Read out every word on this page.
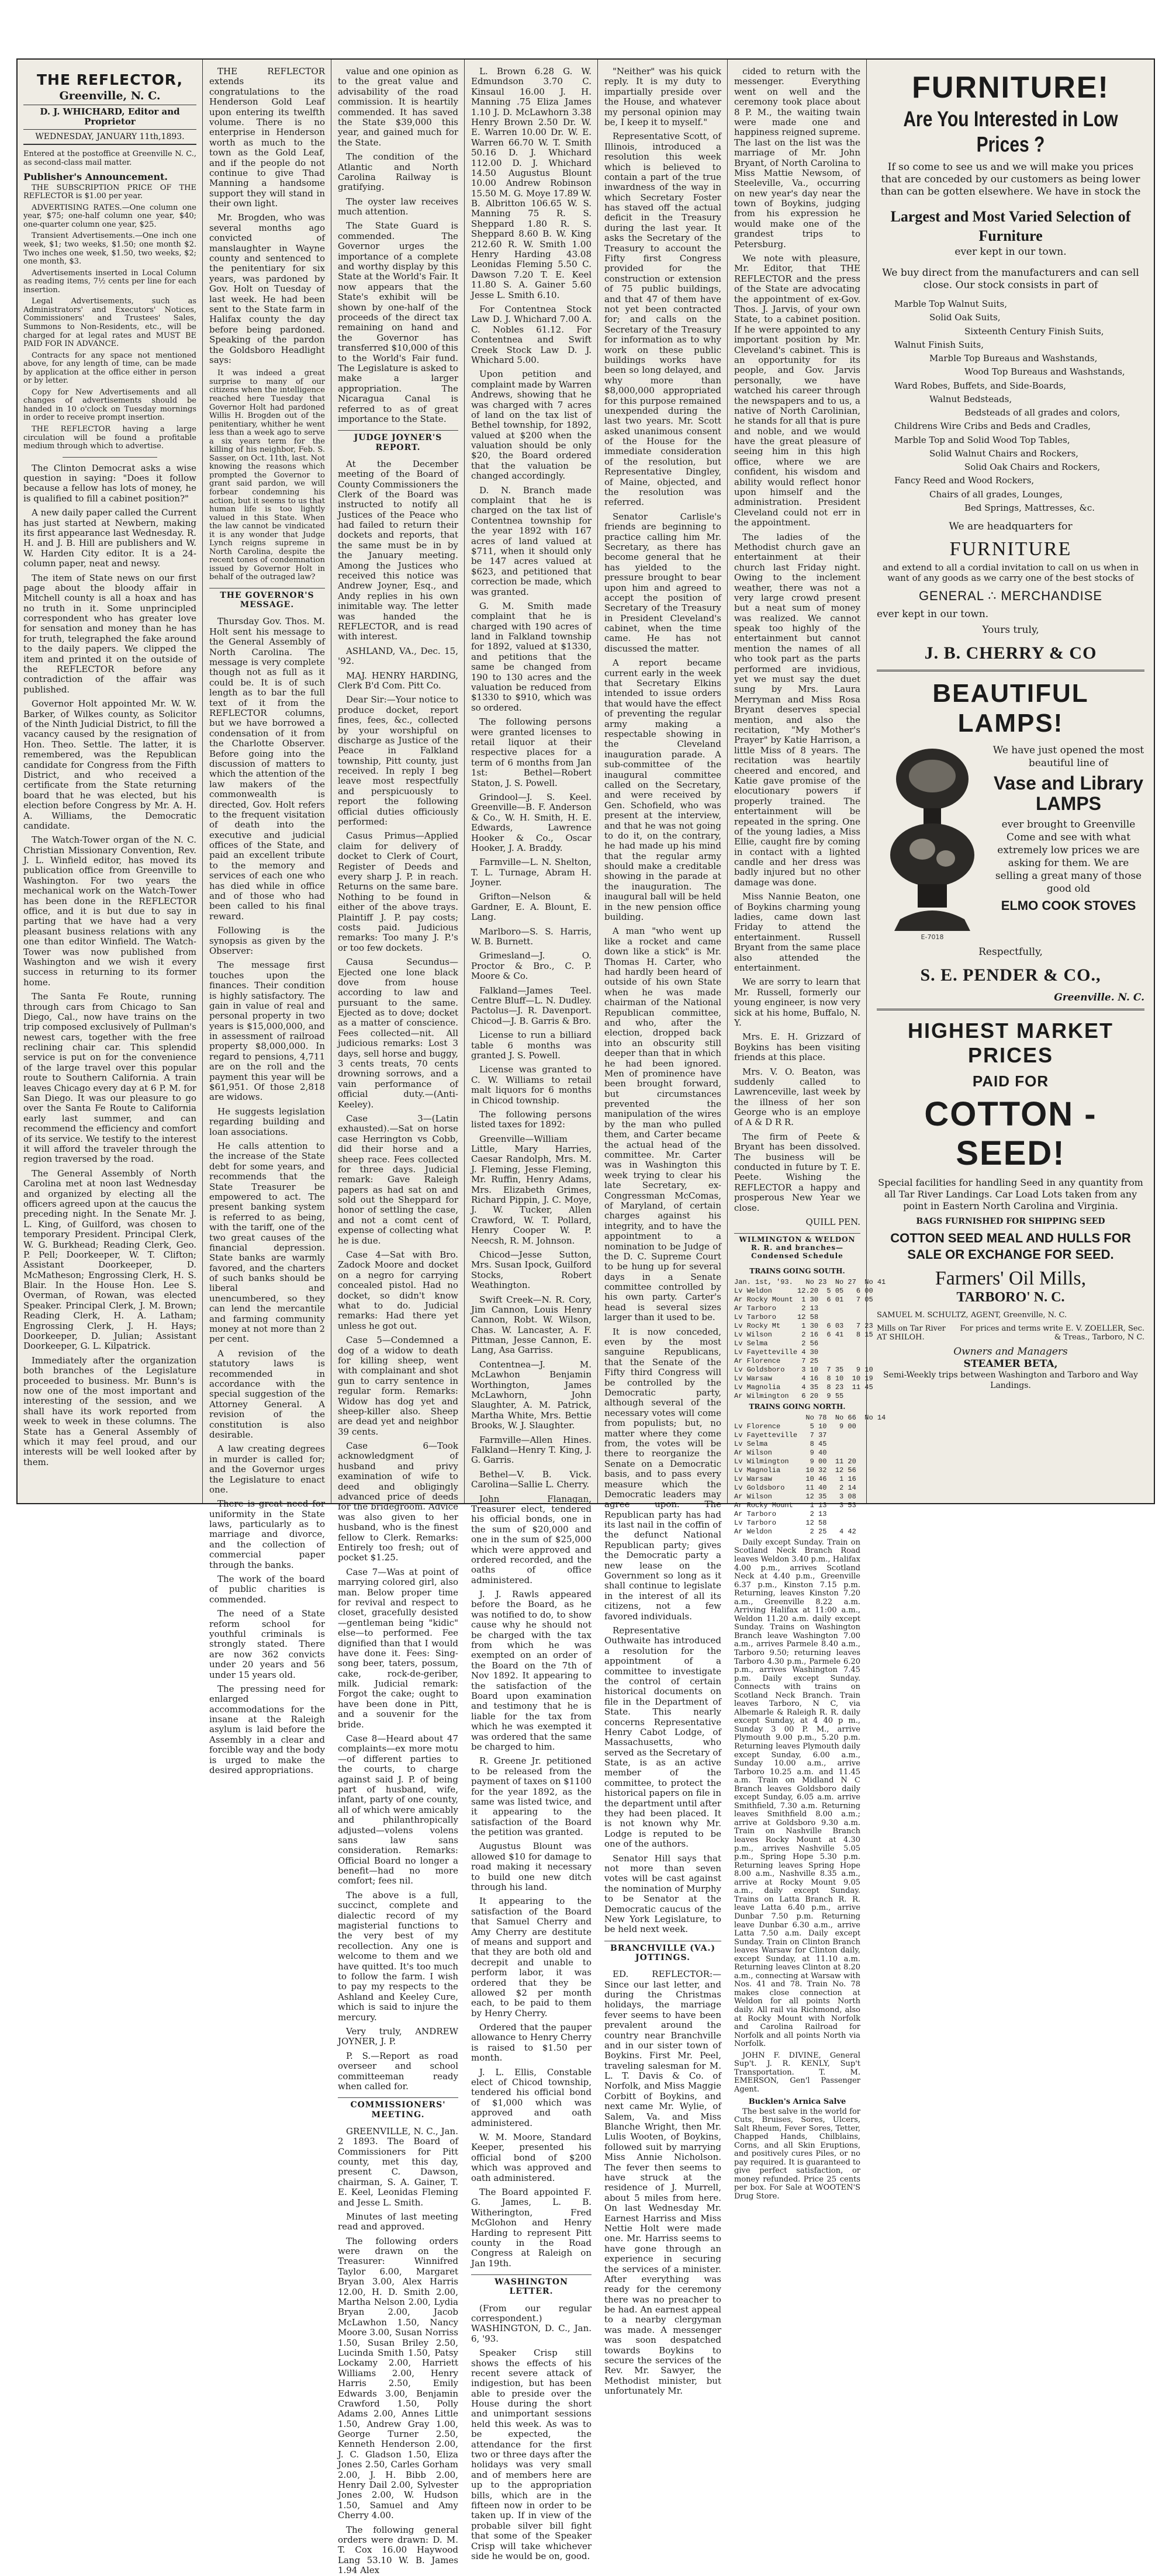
THE REFLECTOR,
Greenville, N. C.
D. J. WHICHARD, Editor and Proprietor
WEDNESDAY, JANUARY 11th,1893.
Entered at the postoffice at Greenville N. C., as second-class mail matter.
Publisher's Announcement.

THE SUBSCRIPTION PRICE OF THE REFLECTOR is $1.00 per year.

ADVERTISING RATES.—One column one year, $75; one-half column one year, $40; one-quarter column one year, $25.

Transient Advertisements.—One inch one week, $1; two weeks, $1.50; one month $2. Two inches one week, $1.50, two weeks, $2; one month, $3.

Advertisements inserted in Local Column as reading items, 7½ cents per line for each insertion.

Legal Advertisements, such as Administrators' and Executors' Notices, Commissioners' and Trustees' Sales, Summons to Non-Residents, etc., will be charged for at legal rates and MUST BE PAID FOR IN ADVANCE.

Contracts for any space not mentioned above, for any length of time, can be made by application at the office either in person or by letter.

Copy for New Advertisements and all changes of advertisements should be handed in 10 o'clock on Tuesday mornings in order to receive prompt insertion.

THE REFLECTOR having a large circulation will be found a profitable medium through which to advertise.

The Clinton Democrat asks a wise question in saying: "Does it follow because a fellow has lots of money, he is qualified to fill a cabinet position?"

A new daily paper called the Current has just started at Newbern, making its first appearance last Wednesday. R. H. and J. B. Hill are publishers and W. W. Harden City editor. It is a 24-column paper, neat and newsy.

The item of State news on our first page about the bloody affair in Mitchell county is all a hoax and has no truth in it. Some unprincipled correspondent who has greater love for sensation and money than he has for truth, telegraphed the fake around to the daily papers. We clipped the item and printed it on the outside of the REFLECTOR before any contradiction of the affair was published.

Governor Holt appointed Mr. W. W. Barker, of Wilkes county, as Solicitor of the Ninth Judicial District, to fill the vacancy caused by the resignation of Hon. Theo. Settle. The latter, it is remembered, was the Republican candidate for Congress from the Fifth District, and who received a certificate from the State returning board that he was elected, but his election before Congress by Mr. A. H. A. Williams, the Democratic candidate.

The Watch-Tower organ of the N. C. Christian Missionary Convention, Rev. J. L. Winfield editor, has moved its publication office from Greenville to Washington. For two years the mechanical work on the Watch-Tower has been done in the REFLECTOR office, and it is but due to say in parting that we have had a very pleasant business relations with any one than editor Winfield. The Watch-Tower was now published from Washington and we wish it every success in returning to its former home.

The Santa Fe Route, running through cars from Chicago to San Diego, Cal., now have trains on the trip composed exclusively of Pullman's newest cars, together with the free reclining chair car. This splendid service is put on for the convenience of the large travel over this popular route to Southern California. A train leaves Chicago every day at 6 P. M. for San Diego. It was our pleasure to go over the Santa Fe Route to California early last summer, and can recommend the efficiency and comfort of its service. We testify to the interest it will afford the traveler through the region traversed by the road.

The General Assembly of North Carolina met at noon last Wednesday and organized by electing all the officers agreed upon at the caucus the preceding night. In the Senate Mr. J. L. King, of Guilford, was chosen to temporary President. Principal Clerk, W. G. Burkhead; Reading Clerk, Geo. P. Pell; Doorkeeper, W. T. Clifton; Assistant Doorkeeper, D. McMatheson; Engrossing Clerk, H. S. Blair. In the House Hon. Lee S. Overman, of Rowan, was elected Speaker. Principal Clerk, J. M. Brown; Reading Clerk, H. A. Latham; Engrossing Clerk, J. H. Hays; Doorkeeper, D. Julian; Assistant Doorkeeper, G. L. Kilpatrick.

Immediately after the organization both branches of the Legislature proceeded to business. Mr. Bunn's is now one of the most important and interesting of the session, and we shall have its work reported from week to week in these columns. The State has a General Assembly of which it may feel proud, and our interests will be well looked after by them.

THE REFLECTOR extends its congratulations to the Henderson Gold Leaf upon entering its twelfth volume. There is no enterprise in Henderson worth as much to the town as the Gold Leaf, and if the people do not continue to give Thad Manning a handsome support they will stand in their own light.

Mr. Brogden, who was several months ago convicted of manslaughter in Wayne county and sentenced to the penitentiary for six years, was pardoned by Gov. Holt on Tuesday of last week. He had been sent to the State farm in Halifax county the day before being pardoned. Speaking of the pardon the Goldsboro Headlight says:

It was indeed a great surprise to many of our citizens when the intelligence reached here Tuesday that Governor Holt had pardoned Willis H. Brogden out of the penitentiary, whither he went less than a week ago to serve a six years term for the killing of his neighbor, Feb. S. Sasser, on Oct. 11th, last. Not knowing the reasons which prompted the Governor to grant said pardon, we will forbear condemning his action, but it seems to us that human life is too lightly valued in this State. When the law cannot be vindicated it is any wonder that Judge Lynch reigns supreme in North Carolina, despite the recent tones of condemnation issued by Governor Holt in behalf of the outraged law?

THE GOVERNOR'S MESSAGE.

Thursday Gov. Thos. M. Holt sent his message to the General Assembly of North Carolina. The message is very complete though not as full as it could be. It is of such length as to bar the full text of it from the REFLECTOR columns, but we have borrowed a condensation of it from the Charlotte Observer. Before going into the discussion of matters to which the attention of the law makers of the commonwealth is directed, Gov. Holt refers to the frequent visitation of death into the executive and judicial offices of the State, and paid an excellent tribute to the memory and services of each one who has died while in office and of those who had been called to his final reward.

Following is the synopsis as given by the Observer:

The message first touches upon the finances. Their condition is highly satisfactory. The gain in value of real and personal property in two years is $15,000,000, and in assessment of railroad property $8,000,000. In regard to pensions, 4,711 are on the roll and the payment this year will be $61,951. Of those 2,818 are widows.

He suggests legislation regarding building and loan associations.

He calls attention to the increase of the State debt for some years, and recommends that the State Treasurer be empowered to act. The present banking system is referred to as being, with the tariff, one of the two great causes of the financial depression. State banks are warmly favored, and the charters of such banks should be liberal and unencumbered, so they can lend the mercantile and farming community money at not more than 2 per cent.

A revision of the statutory laws is recommended in accordance with the special suggestion of the Attorney General. A revision of the constitution is also desirable.

A law creating degrees in murder is called for; and the Governor urges the Legislature to enact one.

There is great need for uniformity in the State laws, particularly as to marriage and divorce, and the collection of commercial paper through the banks.

The work of the board of public charities is commended.

The need of a State reform school for youthful criminals is strongly stated. There are now 362 convicts under 20 years and 56 under 15 years old.

The pressing need for enlarged accommodations for the insane at the Raleigh asylum is laid before the Assembly in a clear and forcible way and the body is urged to make the desired appropriations.

value and one opinion as to the great value and advisability of the road commission. It is heartily commended. It has saved the State $39,000 this year, and gained much for the State.

The condition of the Atlantic and North Carolina Railway is gratifying.

The oyster law receives much attention.

The State Guard is commended. The Governor urges the importance of a complete and worthy display by this State at the World's Fair. It now appears that the State's exhibit will be shown by one-half of the proceeds of the direct tax remaining on hand and the Governor has transferred $10,000 of this to the World's Fair fund. The Legislature is asked to make a larger appropriation. The Nicaragua Canal is referred to as of great importance to the State.

JUDGE JOYNER'S REPORT.

At the December meeting of the Board of County Commissioners the Clerk of the Board was instructed to notify all Justices of the Peace who had failed to return their dockets and reports, that the same must be in by the January meeting. Among the Justices who received this notice was Andrew Joyner, Esq., and Andy replies in his own inimitable way. The letter was handed the REFLECTOR, and is read with interest.

ASHLAND, VA., Dec. 15, '92.

MAJ. HENRY HARDING, Clerk B'd Com. Pitt Co.

Dear Sir:—Your notice to produce docket, report fines, fees, &c., collected by your worshipful on discharge as Justice of the Peace in Falkland township, Pitt county, just received. In reply I beg leave most respectfully and perspicuously to report the following official duties officiously performed:

Casus Primus—Applied claim for delivery of docket to Clerk of Court, Register of Deeds and every sharp J. P. in reach. Returns on the same bare. Nothing to be found in either of the above trays. Plaintiff J. P. pay costs; costs paid. Judicious remarks: Too many J. P.'s or too few dockets.

Causa Secundus—Ejected one lone black dove from house according to law and pursuant to the same. Ejected as to dove; docket as a matter of conscience. Fees collected—nit. All judicious remarks: Lost 3 days, sell horse and buggy, 3 cents treats, 70 cents drowning sorrows, and a vain performance of official duty.—(Anti-Keeley).

Case 3—(Latin exhausted).—Sat on horse case Herrington vs Cobb, did their horse and a sheep race. Fees collected for three days. Judicial remark: Gave Raleigh papers as had sat on and sold out the Sheppard for honor of settling the case, and not a comt cent of expense of collecting what he is due.

Case 4—Sat with Bro. Zadock Moore and docket on a negro for carrying concealed pistol. Had no docket, so didn't know what to do. Judicial remarks: Had there yet unless he got out.

Case 5—Condemned a dog of a widow to death for killing sheep, went with complainant and shot gun to carry sentence in regular form. Remarks: Widow has dog yet and sheep-killer also. Sheep are dead yet and neighbor 39 cents.

Case 6—Took acknowledgment of husband and privy examination of wife to deed and obligingly advanced price of deeds for the bridegroom. Advice was also given to her husband, who is the finest fellow to Clerk. Remarks: Entirely too fresh; out of pocket $1.25.

Case 7—Was at point of marrying colored girl, also man. Below proper time for revival and respect to closet, gracefully desisted—gentleman being "kidic" else—to performed. Fee dignified than that I would have done it. Fees: Sing-song beer, taters, possum, cake, rock-de-geriber, milk. Judicial remark: Forgot the cake; ought to have been done in Pitt, and a souvenir for the bride.

Case 8—Heard about 47 complaints—ex more motu—of different parties to the courts, to charge against said J. P. of being part of husband, wife, infant, party of one county, all of which were amicably and philanthropically adjusted—volens volens sans law sans consideration. Remarks: Official Board no longer a benefit—had no more comfort; fees nil.

The above is a full, succinct, complete and dialectic record of my magisterial functions to the very best of my recollection. Any one is welcome to them and we have quitted. It's too much to follow the farm. I wish to pay my respects to the Ashland and Keeley Cure, which is said to injure the mercury.

Very truly, ANDREW JOYNER, J. P.

P. S.—Report as road overseer and school committeeman ready when called for.

COMMISSIONERS' MEETING.

GREENVILLE, N. C., Jan. 2 1893. The Board of Commissioners for Pitt county, met this day, present C. Dawson, chairman, S. A. Gainer, T. E. Keel, Leonidas Fleming and Jesse L. Smith.

Minutes of last meeting read and approved.

The following orders were drawn on the Treasurer: Winnifred Taylor 6.00, Margaret Bryan 3.00, Alex Harris 12.00, H. D. Smith 2.00, Martha Nelson 2.00, Lydia Bryan 2.00, Jacob McLawhon 1.50, Nancy Moore 3.00, Susan Norriss 1.50, Susan Briley 2.50, Lucinda Smith 1.50, Patsy Lockamy 2.00, Harriett Williams 2.00, Henry Harris 2.50, Emily Edwards 3.00, Benjamin Crawford 1.50, Polly Adams 2.00, Annes Little 1.50, Andrew Gray 1.00, George Turner 2.50, Kenneth Henderson 2.00, J. C. Gladson 1.50, Eliza Jones 2.50, Carles Gorham 2.00, J. H. Bibb 2.00, Henry Dail 2.00, Sylvester Jones 2.00, W. Hudson 1.50, Samuel and Amy Cherry 4.00.

The following general orders were drawn: D. M. T. Cox 16.00 Haywood Lang 53.10 W. B. James 1.94 Alex

L. Brown 6.28 G. W. Edmundson 3.70 C. Kinsaul 16.00 J. H. Manning .75 Eliza James 1.10 J. D. McLawhorn 3.38 Henry Brown 2.50 Dr. W. E. Warren 10.00 Dr. W. E. Warren 66.70 W. T. Smith 50.16 D. J. Whichard 112.00 D. J. Whichard 14.50 Augustus Blount 10.00 Andrew Robinson 15.50 M. G. Moye 17.89 W. B. Albritton 106.65 W. S. Manning 75 R. S. Sheppard 1.80 R. S. Sheppard 8.60 B. W. King 212.60 R. W. Smith 1.00 Henry Harding 43.08 Leonidas Fleming 5.50 C. Dawson 7.20 T. E. Keel 11.80 S. A. Gainer 5.60 Jesse L. Smith 6.10.

For Contentnea Stock Law D. J. Whichard 7.00 A. C. Nobles 61.12. For Contentnea and Swift Creek Stock Law D. J. Whichard 5.00.

Upon petition and complaint made by Warren Andrews, showing that he was charged with 7 acres of land on the tax list of Bethel township, for 1892, valued at $200 when the valuation should be only $20, the Board ordered that the valuation be changed accordingly.

D. N. Branch made complaint that he is charged on the tax list of Contentnea township for the year 1892 with 167 acres of land valued at $711, when it should only be 147 acres valued at $623, and petitioned that correction be made, which was granted.

G. M. Smith made complaint that he is charged with 190 acres of land in Falkland township for 1892, valued at $1330, and petitions that the same be changed from 190 to 130 acres and the valuation be reduced from $1330 to $910, which was so ordered.

The following persons were granted licenses to retail liquor at their respective places for a term of 6 months from Jan 1st: Bethel—Robert Staton, J. S. Powell.

Grindool—J. S. Keel. Greenville—B. F. Anderson & Co., W. H. Smith, H. E. Edwards, Lawrence Hooker & Co., Oscar Hooker, J. A. Braddy.

Farmville—L. N. Shelton, T. L. Turnage, Abram H. Joyner.

Grifton—Nelson & Gardner, E. A. Blount, E. Lang.

Marlboro—S. S. Harris, W. B. Burnett.

Grimesland—J. O. Proctor & Bro., C. P. Moore & Co.

Falkland—James Teel. Centre Bluff—L. N. Dudley. Pactolus—J. R. Davenport. Chicod—J. B. Garris & Bro.

License to run a billiard table 6 months was granted J. S. Powell.

License was granted to C. W. Williams to retail malt liquors for 6 months in Chicod township.

The following persons listed taxes for 1892:

Greenville—William Little, Mary Harries, Caesar Randolph, Mrs. M. J. Fleming, Jesse Fleming, Mr. Ruffin, Henry Adams, Mrs. Elizabeth Grimes, Richard Pippin, J. C. Moye, J. W. Tucker, Allen Crawford, W. T. Pollard, Henry Cooper W. P. Neecsh, R. M. Johnson.

Chicod—Jesse Sutton, Mrs. Susan Ipock, Guilford Stocks, Robert Weathington.

Swift Creek—N. R. Cory, Jim Cannon, Louis Henry Cannon, Robt. W. Wilson, Chas. W. Lancaster, A. F. Pittman, Jesse Cannon, E. Lang, Asa Garriss.

Contentnea—J. M. McLawhon Benjamin Worthington, James McLawhorn, John Slaughter, A. M. Patrick, Martha White, Mrs. Bettie Brooks, W. J. Slaughter.

Farmville—Allen Hines. Falkland—Henry T. King, J. G. Garris.

Bethel—V. B. Vick. Carolina—Sallie L. Cherry.

John Flanagan, Treasurer elect, tendered his official bonds, one in the sum of $20,000 and one in the sum of $25,000 which were approved and ordered recorded, and the oaths of office administered.

J. J. Rawls appeared before the Board, as he was notified to do, to show cause why he should not be charged with the tax from which he was exempted on an order of the Board on the 7th of Nov 1892. It appearing to the satisfaction of the Board upon examination and testimony that he is liable for the tax from which he was exempted it was ordered that the same be charged to him.

R. Greene Jr. petitioned to be released from the payment of taxes on $1100 for the year 1892, as the same was listed twice, and it appearing to the satisfaction of the Board the petition was granted.

Augustus Blount was allowed $10 for damage to road making it necessary to build one new ditch through his land.

It appearing to the satisfaction of the Board that Samuel Cherry and Amy Cherry are destitute of means and support and that they are both old and decrepit and unable to perform labor, it was ordered that they be allowed $2 per month each, to be paid to them by Henry Cherry.

Ordered that the pauper allowance to Henry Cherry is raised to $1.50 per month.

J. L. Ellis, Constable elect of Chicod township, tendered his official bond of $1,000 which was approved and oath administered.

W. M. Moore, Standard Keeper, presented his official bond of $200 which was approved and oath administered.

The Board appointed F. G. James, L. B. Witherington, Fred McGlohon and Henry Harding to represent Pitt county in the Road Congress at Raleigh on Jan 19th.

WASHINGTON LETTER.

(From our regular correspondent.) WASHINGTON, D. C., Jan. 6, '93.

Speaker Crisp still shows the effects of his recent severe attack of indigestion, but has been able to preside over the House during the short and unimportant sessions held this week. As was to be expected, the attendance for the first two or three days after the holidays was very small and of members here are up to the appropriation bills, which are in the fifteen now in order to be taken up. If in view of the probable silver bill fight that some of the Speaker Crisp will take whichever side he would be on, good.

"Neither" was his quick reply. It is my duty to impartially preside over the House, and whatever my personal opinion may be, I keep it to myself."

Representative Scott, of Illinois, introduced a resolution this week which is believed to contain a part of the true inwardness of the way in which Secretary Foster has staved off the actual deficit in the Treasury during the last year. It asks the Secretary of the Treasury to account the Fifty first Congress provided for the construction or extension of 75 public buildings, and that 47 of them have not yet been contracted for; and calls on the Secretary of the Treasury for information as to why work on these public buildings works have been so long delayed, and why more than $8,000,000 appropriated for this purpose remained unexpended during the last two years. Mr. Scott asked unanimous consent of the House for the immediate consideration of the resolution, but Representative Dingley, of Maine, objected, and the resolution was referred.

Senator Carlisle's friends are beginning to practice calling him Mr. Secretary, as there has become general that he has yielded to the pressure brought to bear upon him and agreed to accept the position of Secretary of the Treasury in President Cleveland's cabinet, when the time came. He has not discussed the matter.

A report became current early in the week that Secretary Elkins intended to issue orders that would have the effect of preventing the regular army making a respectable showing in the Cleveland inauguration parade. A sub-committee of the inaugural committee called on the Secretary, and were received by Gen. Schofield, who was present at the interview, and that he was not going to do it, on the contrary, he had made up his mind that the regular army should make a creditable showing in the parade at the inauguration. The inaugural ball will be held in the new pension office building.

A man "who went up like a rocket and came down like a stick" is Mr. Thomas H. Carter, who had hardly been heard of outside of his own State when he was made chairman of the National Republican committee, and who, after the election, dropped back into an obscurity still deeper than that in which he had been ignored. Men of prominence have been brought forward, but circumstances prevented the manipulation of the wires by the man who pulled them, and Carter became the actual head of the committee. Mr. Carter was in Washington this week trying to clear his late Secretary, ex-Congressman McComas, of Maryland, of certain charges against his integrity, and to have the appointment to a nomination to be Judge of the D. C. Supreme Court to be hung up for several days in a Senate committee controlled by his own party. Carter's head is several sizes larger than it used to be.

It is now conceded, even by the most sanguine Republicans, that the Senate of the Fifty third Congress will be controlled by the Democratic party, although several of the necessary votes will come from populists; but, no matter where they come from, the votes will be there to reorganize the Senate on a Democratic basis, and to pass every measure which the Democratic leaders may agree upon. The Republican party has had its last nail in the coffin of the defunct National Republican party; gives the Democratic party a new lease on the Government so long as it shall continue to legislate in the interest of all its citizens, not a few favored individuals.

Representative Outhwaite has introduced a resolution for the appointment of a committee to investigate the control of certain historical documents on file in the Department of State. This nearly concerns Representative Henry Cabot Lodge, of Massachusetts, who served as the Secretary of State, is as an active member of the committee, to protect the historical papers on file in the department until after they had been placed. It is not known why Mr. Lodge is reputed to be one of the authors.

Senator Hill says that not more than seven votes will be cast against the nomination of Murphy to be Senator at the Democratic caucus of the New York Legislature, to be held next week.

BRANCHVILLE (VA.) JOTTINGS.

ED. REFLECTOR:—Since our last letter, and during the Christmas holidays, the marriage fever seems to have been prevalent around the country near Branchville and in our sister town of Boykins. First Mr. Peel, traveling salesman for M. L. T. Davis & Co. of Norfolk, and Miss Maggie Corbitt of Boykins, and next came Mr. Wylie, of Salem, Va. and Miss Blanche Wright, then Mr. Lulis Wooten, of Boykins, followed suit by marrying Miss Annie Nicholson. The fever then seems to have struck at the residence of J. Murrell, about 5 miles from here. On last Wednesday Mr. Earnest Harriss and Miss Nettie Holt were made one. Mr. Harriss seems to have gone through an experience in securing the services of a minister. After everything was ready for the ceremony there was no preacher to be had. An earnest appeal to a nearby clergyman was made. A messenger was soon despatched towards Boykins to secure the services of the Rev. Mr. Sawyer, the Methodist minister, but unfortunately Mr.

cided to return with the messenger. Everything went on well and the ceremony took place about 8 P. M., the waiting twain were made one and happiness reigned supreme. The last on the list was the marriage of Mr. John Bryant, of North Carolina to Miss Mattie Newsom, of Steeleville, Va., occurring on new year's day near the town of Boykins, judging from his expression he would make one of the grandest trips to Petersburg.

We note with pleasure, Mr. Editor, that THE REFLECTOR and the press of the State are advocating the appointment of ex-Gov. Thos. J. Jarvis, of your own State, to a cabinet position. If he were appointed to any important position by Mr. Cleveland's cabinet. This is an opportunity for its people, and Gov. Jarvis personally, we have watched his career through the newspapers and to us, a native of North Carolinian, he stands for all that is pure and noble, and we would have the great pleasure of seeing him in this high office, where we are confident, his wisdom and ability would reflect honor upon himself and the administration. President Cleveland could not err in the appointment.

The ladies of the Methodist church gave an entertainment at their church last Friday night. Owing to the inclement weather, there was not a very large crowd present but a neat sum of money was realized. We cannot speak too highly of the entertainment but cannot mention the names of all who took part as the parts performed are invidious, yet we must say the duet sung by Mrs. Laura Merryman and Miss Rosa Bryant deserves special mention, and also the recitation, "My Mother's Prayer" by Katie Harrison, a little Miss of 8 years. The recitation was heartily cheered and encored, and Katie gave promise of the elocutionary powers if properly trained. The entertainment will be repeated in the spring. One of the young ladies, a Miss Ellie, caught fire by coming in contact with a lighted candle and her dress was badly injured but no other damage was done.

Miss Nannie Beaton, one of Boykins charming young ladies, came down last Friday to attend the entertainment. Russell Bryant from the same place also attended the entertainment.

We are sorry to learn that Mr. Russell, formerly our young engineer, is now very sick at his home, Buffalo, N. Y.

Mrs. E. H. Grizzard of Boykins has been visiting friends at this place.

Mrs. V. O. Beaton, was suddenly called to Lawrenceville, last week by the illness of her son George who is an employe of A & D R R.

The firm of Peete & Bryant has been dissolved. The business will be conducted in future by T. E. Peete. Wishing the REFLECTOR a happy and prosperous New Year we close.

QUILL PEN.
WILMINGTON & WELDON R. R. and branches—Condensed Schedule
TRAINS GOING SOUTH.
Jan. 1st, '93.   No 23  No 27  No 41
Lv Weldon      12.20  5 05   6 00
Ar Rocky Mount  1 30  6 01   7 05
Ar Tarboro      2 13
Lv Tarboro     12 58
Lv Rocky Mt     1 30  6 03   7 23
Lv Wilson       2 16  6 41   8 15
Lv Selma        2 56
Lv Fayetteville 4 30
Ar Florence     7 25
Lv Goldsboro    3 10  7 35   9 10
Lv Warsaw       4 16  8 10  10 19
Lv Magnolia     4 35  8 23  11 45
Ar Wilmington   6 20  9 55
TRAINS GOING NORTH.
No 78  No 66  No 14
Lv Florence       5 10   9 00
Lv Fayetteville   7 37
Lv Selma          8 45
Ar Wilson         9 40
Lv Wilmington     9 00  11 20
Lv Magnolia      10 32  12 56
Lv Warsaw        10 46   1 16
Lv Goldsboro     11 40   2 14
Ar Wilson        12 35   3 08
Ar Rocky Mount    1 13   3 53
Ar Tarboro        2 13
Lv Tarboro       12 58
Ar Weldon         2 25   4 42

Daily except Sunday. Train on Scotland Neck Branch Road leaves Weldon 3.40 p.m., Halifax 4.00 p.m., arrives Scotland Neck at 4.40 p.m., Greenville 6.37 p.m., Kinston 7.15 p.m. Returning, leaves Kinston 7.20 a.m., Greenville 8.22 a.m. Arriving Halifax at 11:00 a.m., Weldon 11.20 a.m. daily except Sunday. Trains on Washington Branch leave Washington 7.00 a.m., arrives Parmele 8.40 a.m., Tarboro 9.50; returning leaves Tarboro 4.30 p.m., Parmele 6.20 p.m., arrives Washington 7.45 p.m. Daily except Sunday. Connects with trains on Scotland Neck Branch. Train leaves Tarboro, N C, via Albemarle & Raleigh R. R. daily except Sunday, at 4 40 p m., Sunday 3 00 P. M., arrive Plymouth 9.00 p.m., 5.20 p.m. Returning leaves Plymouth daily except Sunday, 6.00 a.m., Sunday 10.00 a.m., arrive Tarboro 10.25 a.m. and 11.45 a.m. Train on Midland N C Branch leaves Goldsboro daily except Sunday, 6.05 a.m. arrive Smithfield, 7.30 a.m. Returning leaves Smithfield 8.00 a.m.; arrive at Goldsboro 9.30 a.m. Train on Nashville Branch leaves Rocky Mount at 4.30 p.m., arrives Nashville 5.05 p.m., Spring Hope 5.30 p.m. Returning leaves Spring Hope 8.00 a.m., Nashville 8.35 a.m., arrive at Rocky Mount 9.05 a.m., daily except Sunday. Trains on Latta Branch R. R. leave Latta 6.40 p.m., arrive Dunbar 7.50 p.m. Returning leave Dunbar 6.30 a.m., arrive Latta 7.50 a.m. Daily except Sunday. Train on Clinton Branch leaves Warsaw for Clinton daily, except Sunday, at 11.10 a.m. Returning leaves Clinton at 8.20 a.m., connecting at Warsaw with Nos. 41 and 78. Train No. 78 makes close connection at Weldon for all points North daily. All rail via Richmond, also at Rocky Mount with Norfolk and Carolina Railroad for Norfolk and all points North via Norfolk.

JOHN F. DIVINE, General Sup't. J. R. KENLY, Sup't Transportation. T. M. EMERSON, Gen'l Passenger Agent.

Bucklen's Arnica Salve

The best salve in the world for Cuts, Bruises, Sores, Ulcers, Salt Rheum, Fever Sores, Tetter, Chapped Hands, Chilblains, Corns, and all Skin Eruptions, and positively cures Piles, or no pay required. It is guaranteed to give perfect satisfaction, or money refunded. Price 25 cents per box. For Sale at WOOTEN'S Drug Store.

FURNITURE!
Are You Interested in Low Prices ?
If so come to see us and we will make you prices that are conceded by our customers as being lower than can be gotten elsewhere. We have in stock the
Largest and Most Varied Selection of Furniture
ever kept in our town.
We buy direct from the manufacturers and can sell close. Our stock consists in part of
Marble Top Walnut Suits,
Solid Oak Suits,
Sixteenth Century Finish Suits,
Walnut Finish Suits,
Marble Top Bureaus and Washstands,
Wood Top Bureaus and Washstands,
Ward Robes, Buffets, and Side-Boards,
Walnut Bedsteads,
Bedsteads of all grades and colors,
Childrens Wire Cribs and Beds and Cradles,
Marble Top and Solid Wood Top Tables,
Solid Walnut Chairs and Rockers,
Solid Oak Chairs and Rockers,
Fancy Reed and Wood Rockers,
Chairs of all grades, Lounges,
Bed Springs, Mattresses, &c.
We are headquarters for
FURNITURE
and extend to all a cordial invitation to call on us when in want of any goods as we carry one of the best stocks of
GENERAL ∴ MERCHANDISE
ever kept in our town.
Yours truly,
J. B. CHERRY & CO
BEAUTIFUL LAMPS!
E-7018
We have just opened the most beautiful line of
Vase and Library LAMPS
ever brought to Greenville Come and see with what extremely low prices we are asking for them. We are selling a great many of those good old
ELMO COOK STOVES
Respectfully,
S. E. PENDER & CO.,
Greenville. N. C.
HIGHEST MARKET PRICES
PAID FOR
COTTON - SEED!
Special facilities for handling Seed in any quantity from all Tar River Landings. Car Load Lots taken from any point in Eastern North Carolina and Virginia.
BAGS FURNISHED FOR SHIPPING SEED
COTTON SEED MEAL AND HULLS FOR SALE OR EXCHANGE FOR SEED.
Farmers' Oil Mills,
TARBORO' N. C.
SAMUEL M. SCHULTZ, AGENT, Greenville, N. C.
Mills on Tar River AT SHILOH.
For prices and terms write E. V. ZOELLER, Sec. & Treas., Tarboro, N C.
Owners and Managers
STEAMER BETA,
Semi-Weekly trips between Washington and Tarboro and Way Landings.
